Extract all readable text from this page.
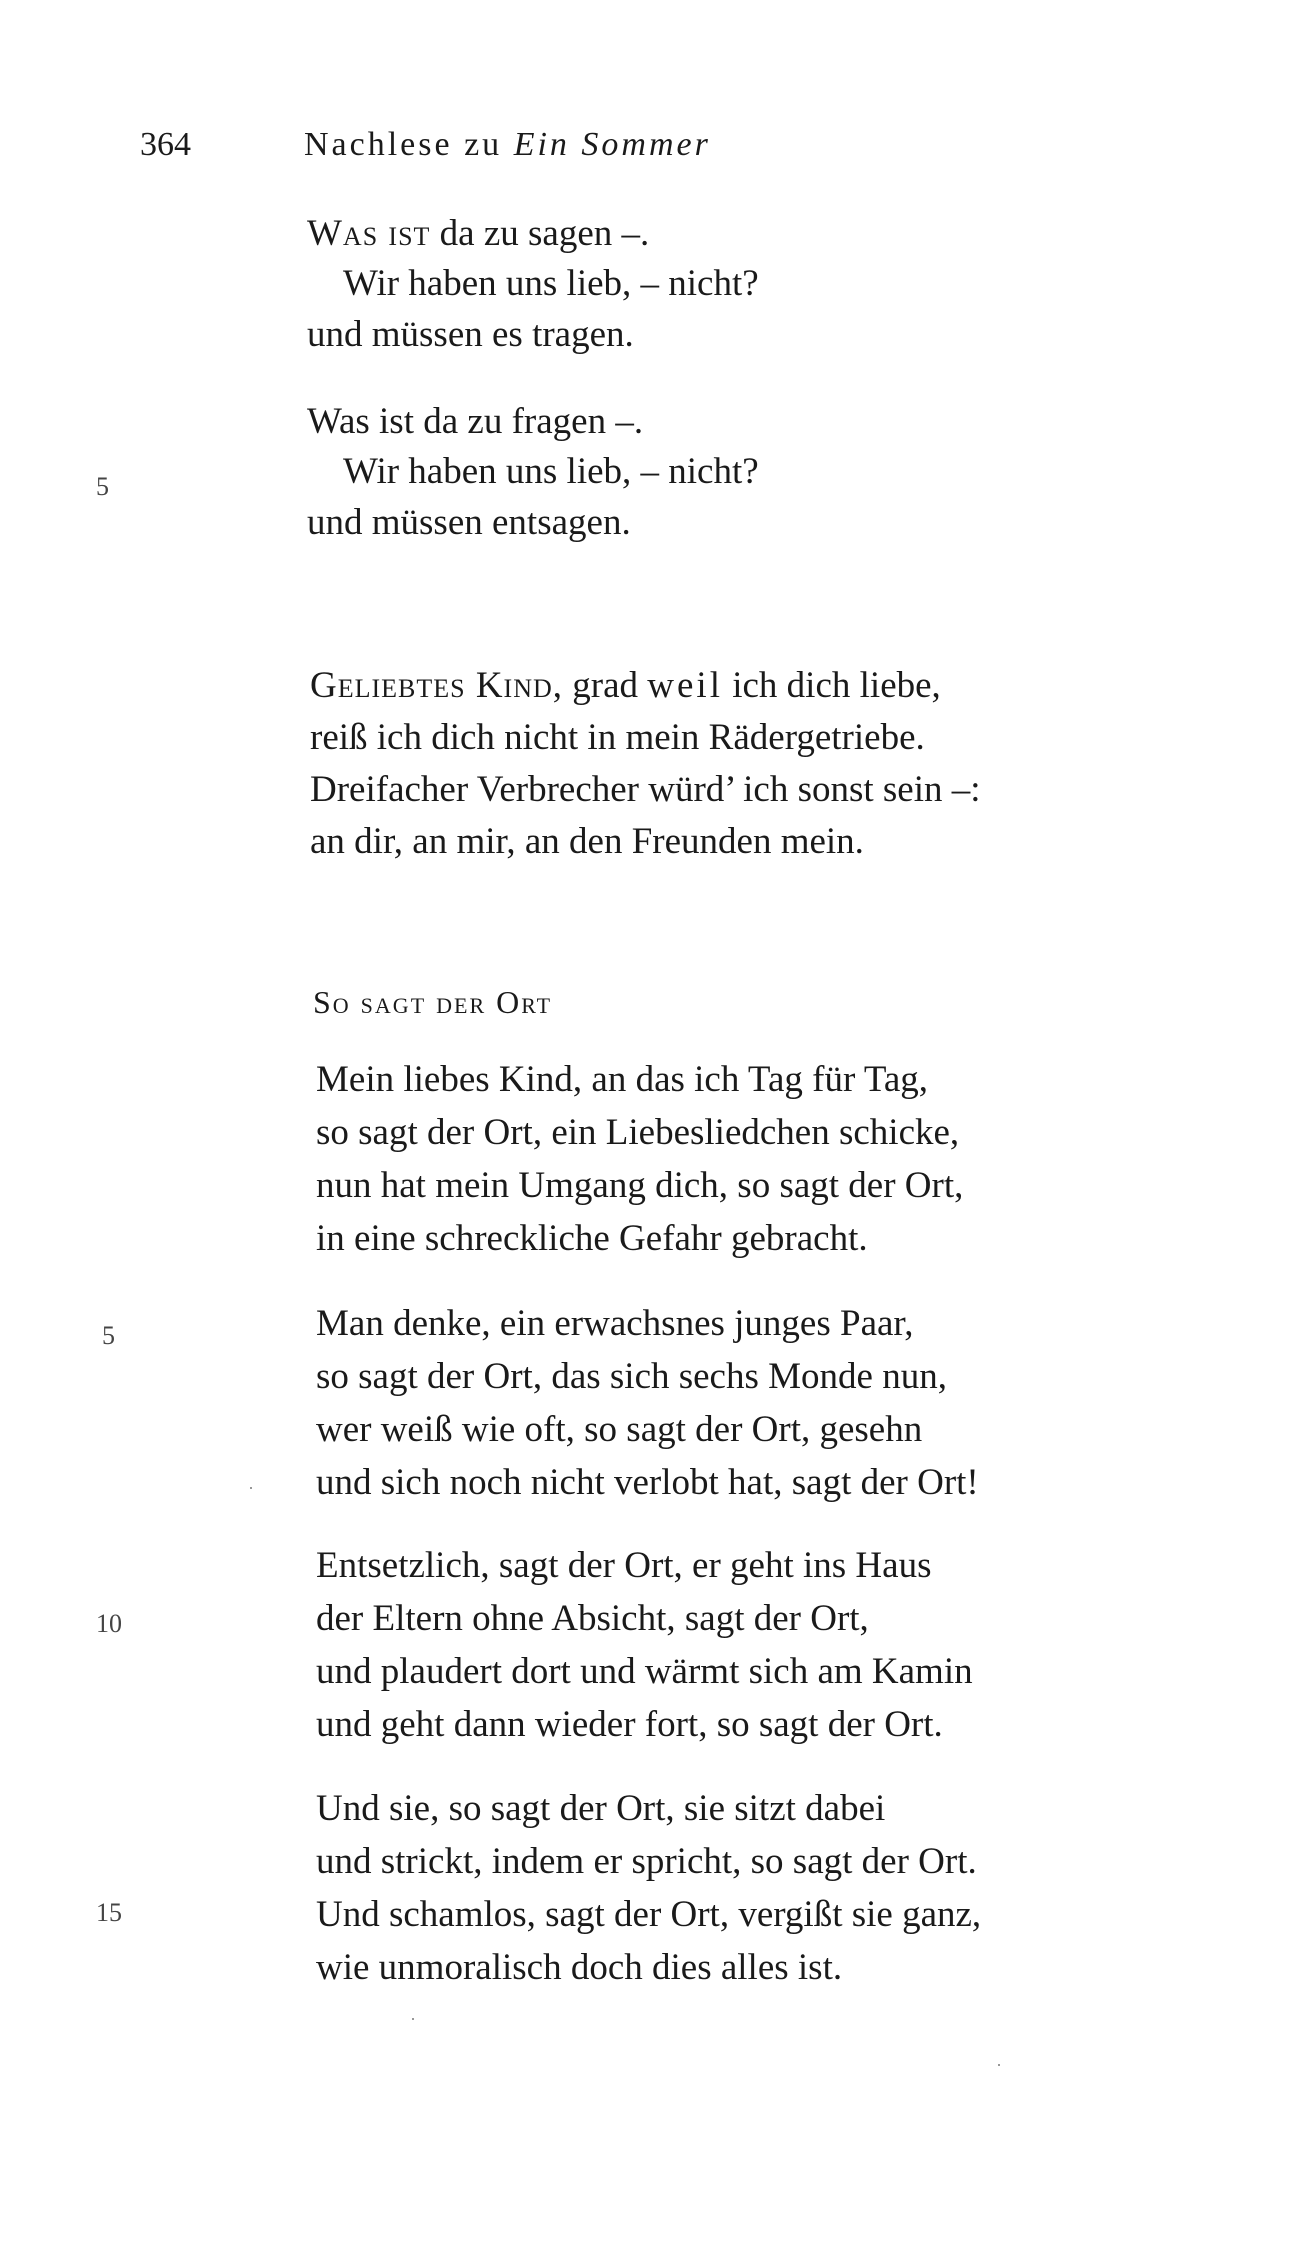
364	Nachlese zu Ein Sommer
Was ist da zu sagen –.
Wir haben uns lieb, – nicht?
und müssen es tragen.
Was ist da zu fragen –.
Wir haben uns lieb, – nicht?
und müssen entsagen.
5
Geliebtes Kind, grad weil ich dich liebe,
reiß ich dich nicht in mein Rädergetriebe.
Dreifacher Verbrecher würd’ ich sonst sein –:
an dir, an mir, an den Freunden mein.
So sagt der Ort
Mein liebes Kind, an das ich Tag für Tag,
so sagt der Ort, ein Liebesliedchen schicke,
nun hat mein Umgang dich, so sagt der Ort,
in eine schreckliche Gefahr gebracht.
Man denke, ein erwachsnes junges Paar,
so sagt der Ort, das sich sechs Monde nun,
wer weiß wie oft, so sagt der Ort, gesehn
und sich noch nicht verlobt hat, sagt der Ort!
Entsetzlich, sagt der Ort, er geht ins Haus
der Eltern ohne Absicht, sagt der Ort,
und plaudert dort und wärmt sich am Kamin
und geht dann wieder fort, so sagt der Ort.
Und sie, so sagt der Ort, sie sitzt dabei
und strickt, indem er spricht, so sagt der Ort.
Und schamlos, sagt der Ort, vergißt sie ganz,
wie unmoralisch doch dies alles ist.
5
10
15
